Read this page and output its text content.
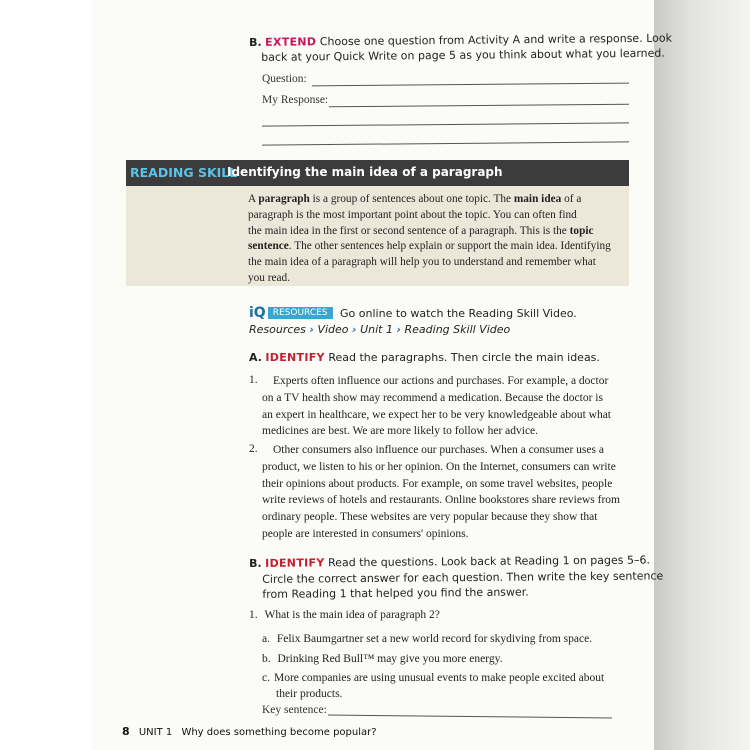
B. EXTEND Choose one question from Activity A and write a response. Look
back at your Quick Write on page 5 as you think about what you learned.
Question:
My Response:
READING SKILL
Identifying the main idea of a paragraph
A paragraph is a group of sentences about one topic. The main idea of a
paragraph is the most important point about the topic. You can often find
the main idea in the first or second sentence of a paragraph. This is the topic
sentence. The other sentences help explain or support the main idea. Identifying
the main idea of a paragraph will help you to understand and remember what
you read.
iQ RESOURCES Go online to watch the Reading Skill Video.
Resources › Video › Unit 1 › Reading Skill Video
A. IDENTIFY Read the paragraphs. Then circle the main ideas.
1.	Experts often influence our actions and purchases. For example, a doctor
on a TV health show may recommend a medication. Because the doctor is
an expert in healthcare, we expect her to be very knowledgeable about what
medicines are best. We are more likely to follow her advice.
2.	Other consumers also influence our purchases. When a consumer uses a
product, we listen to his or her opinion. On the Internet, consumers can write
their opinions about products. For example, on some travel websites, people
write reviews of hotels and restaurants. Online bookstores share reviews from
ordinary people. These websites are very popular because they show that
people are interested in consumers' opinions.
B. IDENTIFY Read the questions. Look back at Reading 1 on pages 5–6.
Circle the correct answer for each question. Then write the key sentence
from Reading 1 that helped you find the answer.
1. What is the main idea of paragraph 2?
a. Felix Baumgartner set a new world record for skydiving from space.
b. Drinking Red Bull™ may give you more energy.
c. More companies are using unusual events to make people excited about
their products.
Key sentence:
8 UNIT 1 Why does something become popular?
